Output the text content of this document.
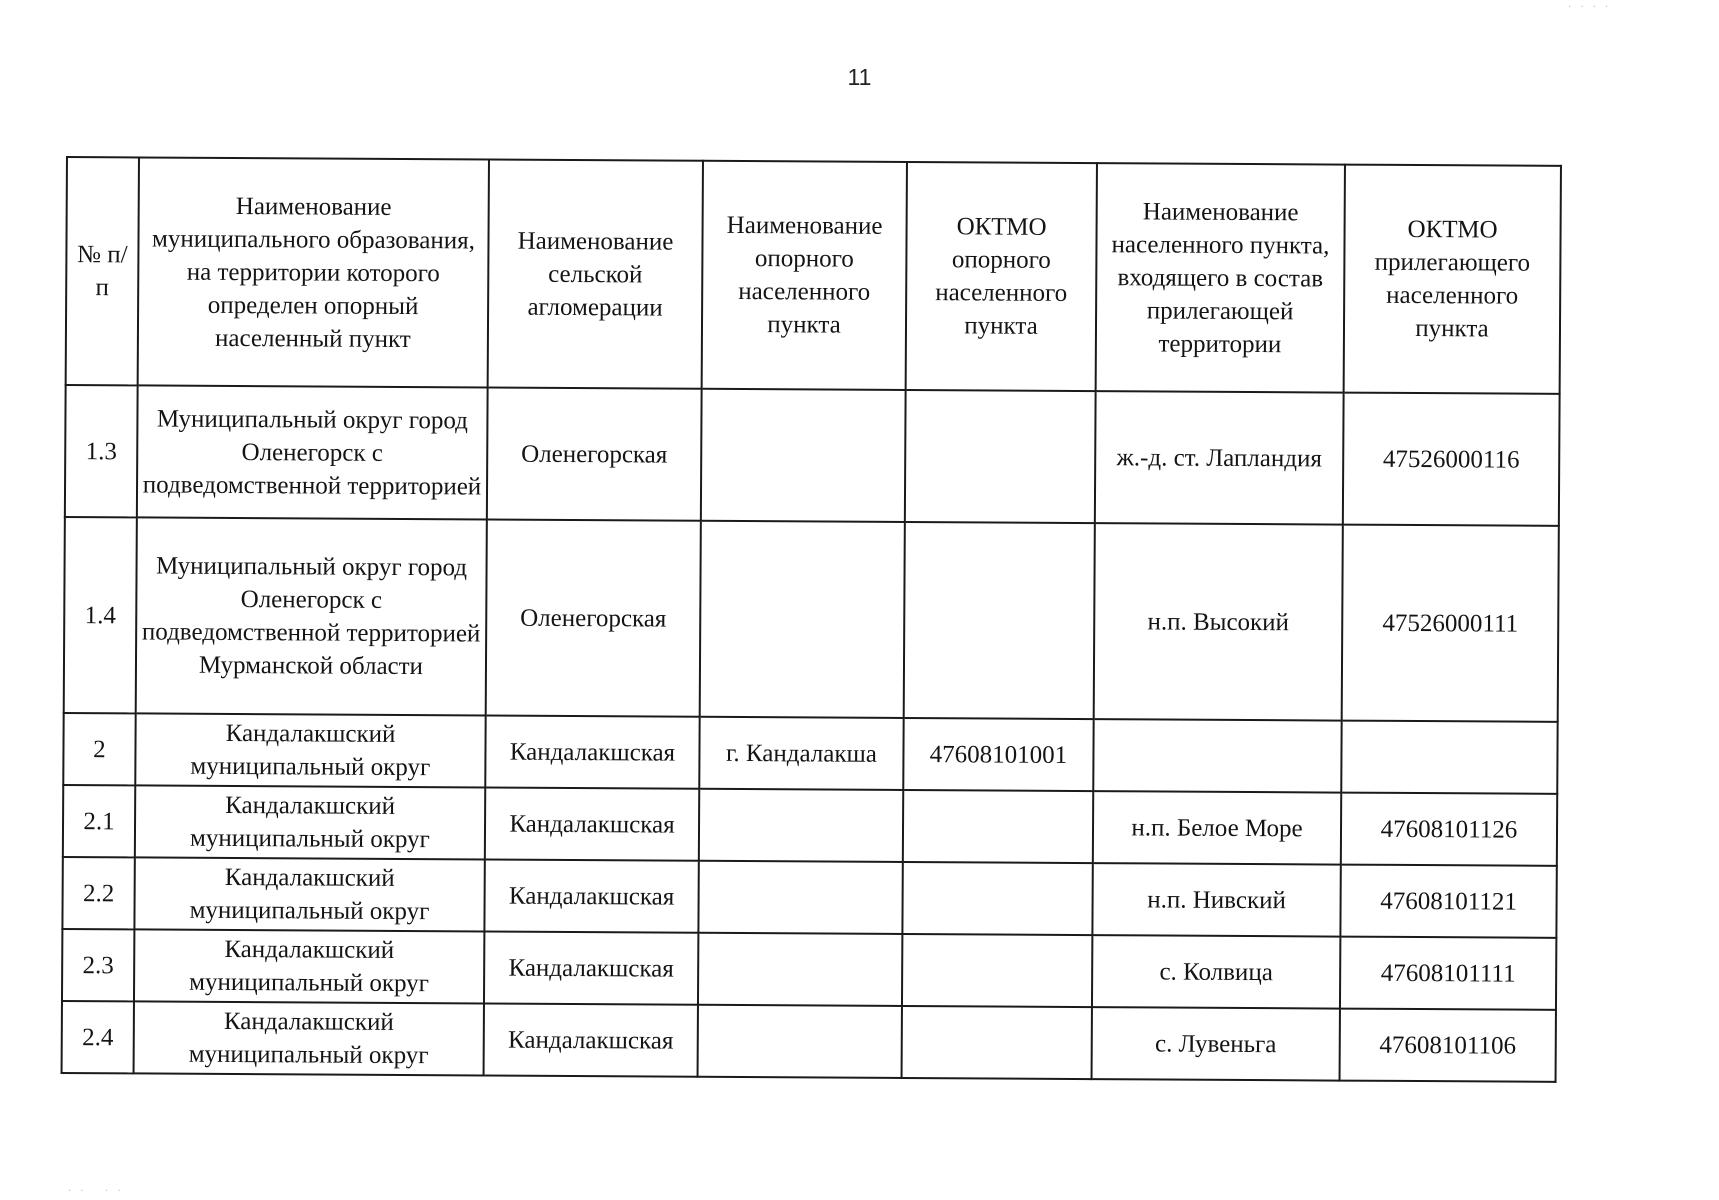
11
· · · ·
· ·   · ·
№ п/п	Наименование муниципального образования, на территории которого определен опорный населенный пункт	Наименование сельской агломерации	Наименование опорного населенного пункта	ОКТМО опорного населенного пункта	Наименование населенного пункта, входящего в состав прилегающей территории	ОКТМО прилегающего населенного пункта
1.3	Муниципальный округ город Оленегорск с подведомственной территорией	Оленегорская			ж.-д. ст. Лапландия	47526000116
1.4	Муниципальный округ город Оленегорск с подведомственной территорией Мурманской области	Оленегорская			н.п. Высокий	47526000111
2	Кандалакшский муниципальный округ	Кандалакшская	г. Кандалакша	47608101001		
2.1	Кандалакшский муниципальный округ	Кандалакшская			н.п. Белое Море	47608101126
2.2	Кандалакшский муниципальный округ	Кандалакшская			н.п. Нивский	47608101121
2.3	Кандалакшский муниципальный округ	Кандалакшская			с. Колвица	47608101111
2.4	Кандалакшский муниципальный округ	Кандалакшская			с. Лувеньга	47608101106
